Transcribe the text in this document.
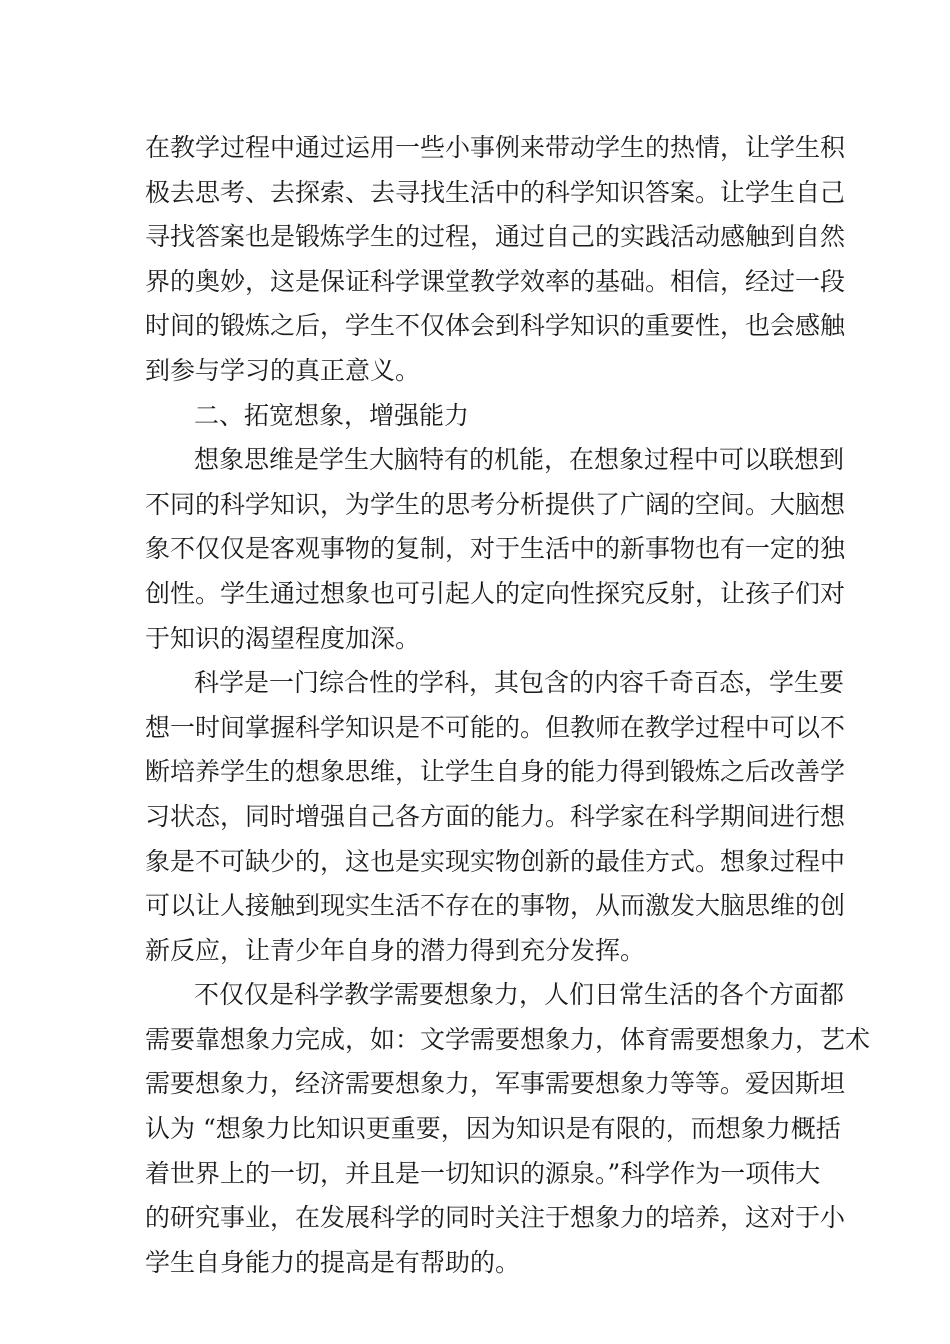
在教学过程中通过运用一些小事例来带动学生的热情，让学生积
极去思考、去探索、去寻找生活中的科学知识答案。让学生自己
寻找答案也是锻炼学生的过程，通过自己的实践活动感触到自然
界的奥妙，这是保证科学课堂教学效率的基础。相信，经过一段
时间的锻炼之后，学生不仅体会到科学知识的重要性，也会感触
到参与学习的真正意义。
二、拓宽想象，增强能力
想象思维是学生大脑特有的机能，在想象过程中可以联想到
不同的科学知识，为学生的思考分析提供了广阔的空间。大脑想
象不仅仅是客观事物的复制，对于生活中的新事物也有一定的独
创性。学生通过想象也可引起人的定向性探究反射，让孩子们对
于知识的渴望程度加深。
科学是一门综合性的学科，其包含的内容千奇百态，学生要
想一时间掌握科学知识是不可能的。但教师在教学过程中可以不
断培养学生的想象思维，让学生自身的能力得到锻炼之后改善学
习状态，同时增强自己各方面的能力。科学家在科学期间进行想
象是不可缺少的，这也是实现实物创新的最佳方式。想象过程中
可以让人接触到现实生活不存在的事物，从而激发大脑思维的创
新反应，让青少年自身的潜力得到充分发挥。
不仅仅是科学教学需要想象力，人们日常生活的各个方面都
需要靠想象力完成，如：文学需要想象力，体育需要想象力，艺术
需要想象力，经济需要想象力，军事需要想象力等等。爱因斯坦
认为 “想象力比知识更重要，因为知识是有限的，而想象力概括
着世界上的一切，并且是一切知识的源泉。”科学作为一项伟大
的研究事业，在发展科学的同时关注于想象力的培养，这对于小
学生自身能力的提高是有帮助的。
